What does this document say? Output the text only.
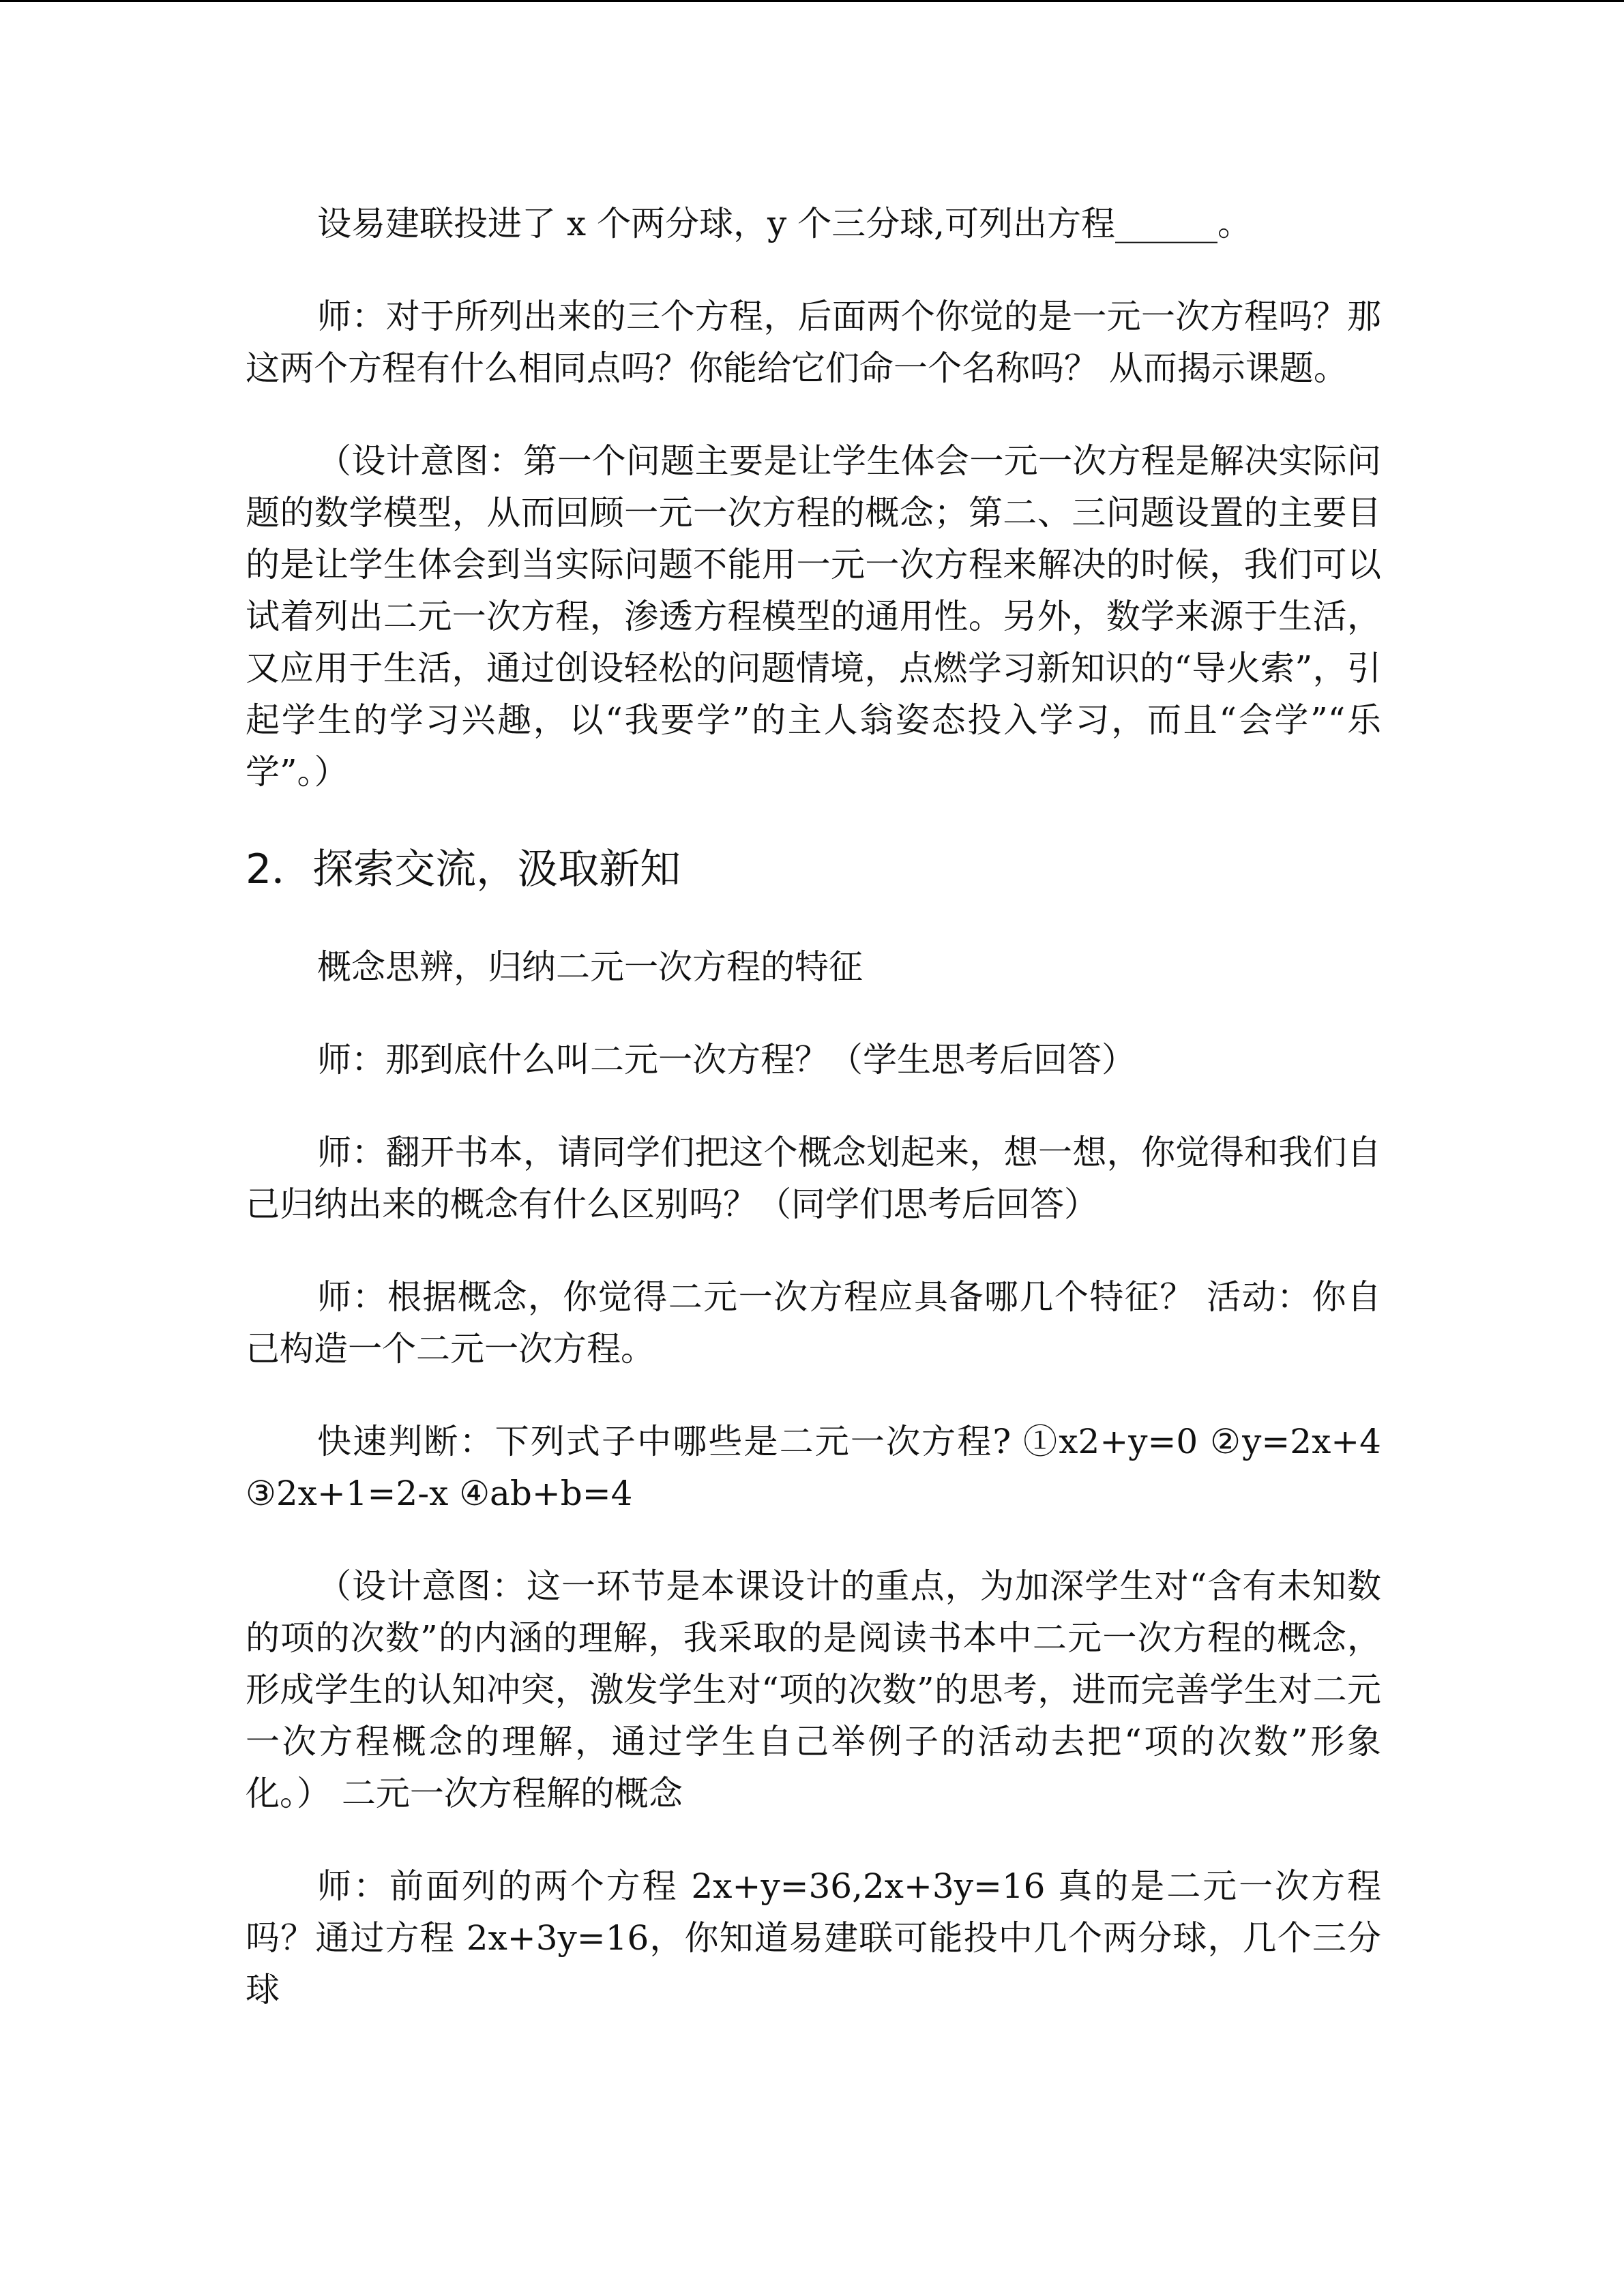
设易建联投进了 x 个两分球，y 个三分球,可列出方程______。

师：对于所列出来的三个方程，后面两个你觉的是一元一次方程吗？那这两个方程有什么相同点吗？你能给它们命一个名称吗？ 从而揭示课题。

（设计意图：第一个问题主要是让学生体会一元一次方程是解决实际问题的数学模型，从而回顾一元一次方程的概念；第二、三问题设置的主要目的是让学生体会到当实际问题不能用一元一次方程来解决的时候，我们可以试着列出二元一次方程，渗透方程模型的通用性。另外，数学来源于生活，又应用于生活，通过创设轻松的问题情境，点燃学习新知识的“导火索”，引起学生的学习兴趣，以“我要学”的主人翁姿态投入学习，而且“会学”“乐学”。）

2．探索交流，汲取新知

概念思辨，归纳二元一次方程的特征

师：那到底什么叫二元一次方程？（学生思考后回答）

师：翻开书本，请同学们把这个概念划起来，想一想，你觉得和我们自己归纳出来的概念有什么区别吗？（同学们思考后回答）

师：根据概念，你觉得二元一次方程应具备哪几个特征？ 活动：你自己构造一个二元一次方程。

快速判断：下列式子中哪些是二元一次方程? ①x2+y=0 ②y=2x+4 ③2x+1=2-x ④ab+b=4

（设计意图：这一环节是本课设计的重点，为加深学生对“含有未知数的项的次数”的内涵的理解，我采取的是阅读书本中二元一次方程的概念，形成学生的认知冲突，激发学生对“项的次数”的思考，进而完善学生对二元一次方程概念的理解，通过学生自己举例子的活动去把“项的次数”形象化。） 二元一次方程解的概念

师：前面列的两个方程 2x+y=36,2x+3y=16 真的是二元一次方程吗？通过方程 2x+3y=16，你知道易建联可能投中几个两分球，几个三分球
